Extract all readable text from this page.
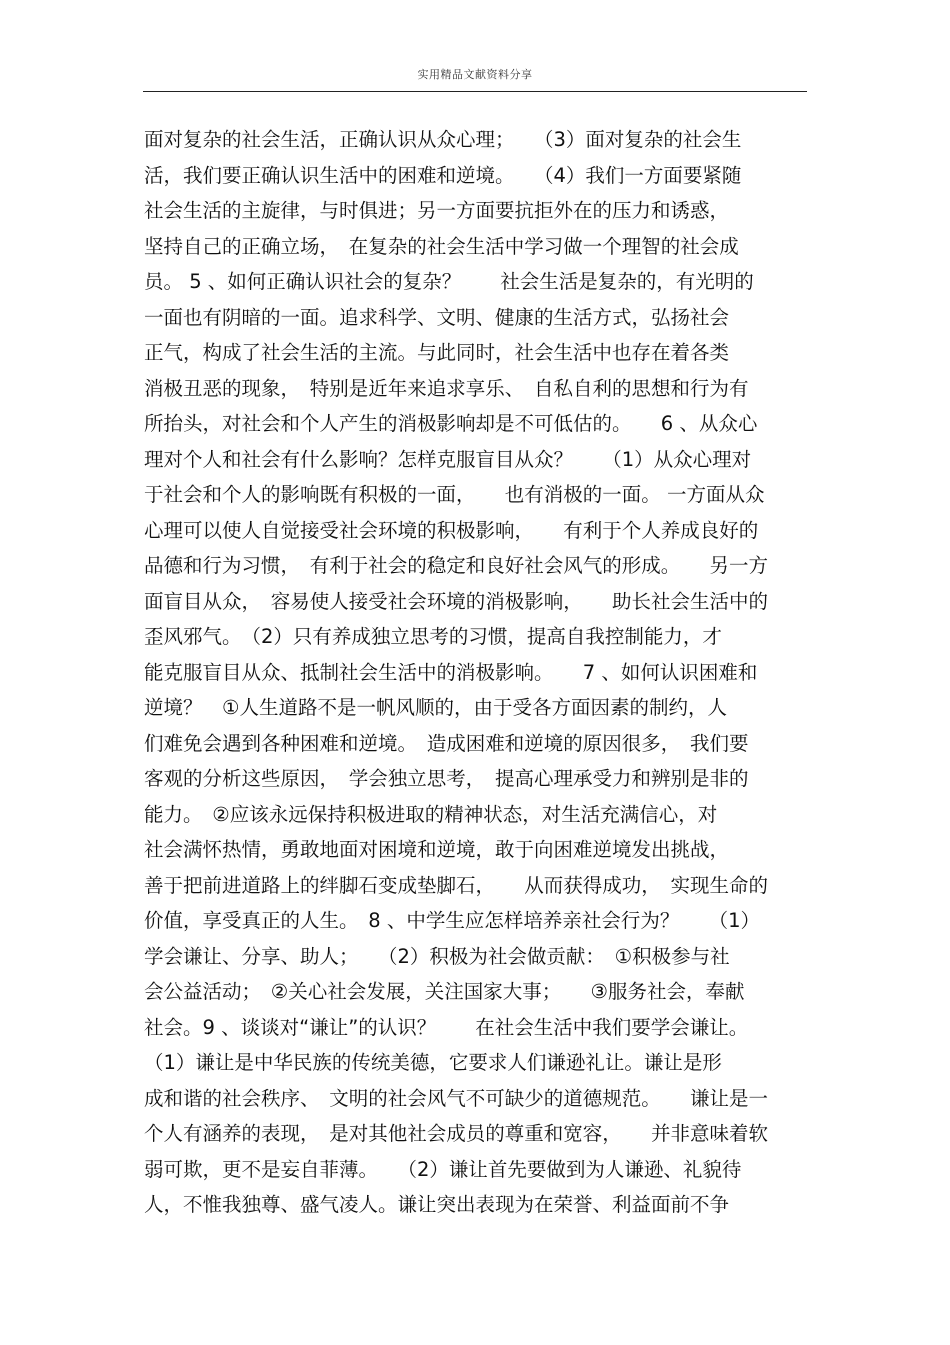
实用精品文献资料分享
面对复杂的社会生活，正确认识从众心理；　　（3）面对复杂的社会生
活，我们要正确认识生活中的困难和逆境。　　（4）我们一方面要紧随
社会生活的主旋律，与时俱进；另一方面要抗拒外在的压力和诱惑，
坚持自己的正确立场，　在复杂的社会生活中学习做一个理智的社会成
员。 5 、如何正确认识社会的复杂？　　社会生活是复杂的，有光明的
一面也有阴暗的一面。追求科学、文明、健康的生活方式，弘扬社会
正气，构成了社会生活的主流。与此同时，社会生活中也存在着各类
消极丑恶的现象，　特别是近年来追求享乐、　自私自利的思想和行为有
所抬头，对社会和个人产生的消极影响却是不可低估的。　　6 、从众心
理对个人和社会有什么影响？怎样克服盲目从众？　　（1）从众心理对
于社会和个人的影响既有积极的一面，　　也有消极的一面。 一方面从众
心理可以使人自觉接受社会环境的积极影响，　　有利于个人养成良好的
品德和行为习惯，　有利于社会的稳定和良好社会风气的形成。　　另一方
面盲目从众，　容易使人接受社会环境的消极影响，　　助长社会生活中的
歪风邪气。　（2）只有养成独立思考的习惯，提高自我控制能力，才
能克服盲目从众、抵制社会生活中的消极影响。　　7 、如何认识困难和
逆境？　①人生道路不是一帆风顺的，由于受各方面因素的制约，人
们难免会遇到各种困难和逆境。　造成困难和逆境的原因很多，　我们要
客观的分析这些原因，　学会独立思考，　提高心理承受力和辨别是非的
能力。　②应该永远保持积极进取的精神状态，对生活充满信心，对
社会满怀热情，勇敢地面对困境和逆境，敢于向困难逆境发出挑战，
善于把前进道路上的绊脚石变成垫脚石，　　从而获得成功，　实现生命的
价值，享受真正的人生。　8 、中学生应怎样培养亲社会行为？　　（1）
学会谦让、分享、助人；　　（2）积极为社会做贡献：　①积极参与社
会公益活动；　②关心社会发展，关注国家大事；　　③服务社会，奉献
社会。9 、谈谈对“谦让”的认识？　　在社会生活中我们要学会谦让。
（1）谦让是中华民族的传统美德，它要求人们谦逊礼让。谦让是形
成和谐的社会秩序、　文明的社会风气不可缺少的道德规范。　　谦让是一
个人有涵养的表现，　是对其他社会成员的尊重和宽容，　　并非意味着软
弱可欺，更不是妄自菲薄。　　（2）谦让首先要做到为人谦逊、礼貌待
人，不惟我独尊、盛气凌人。谦让突出表现为在荣誉、利益面前不争
